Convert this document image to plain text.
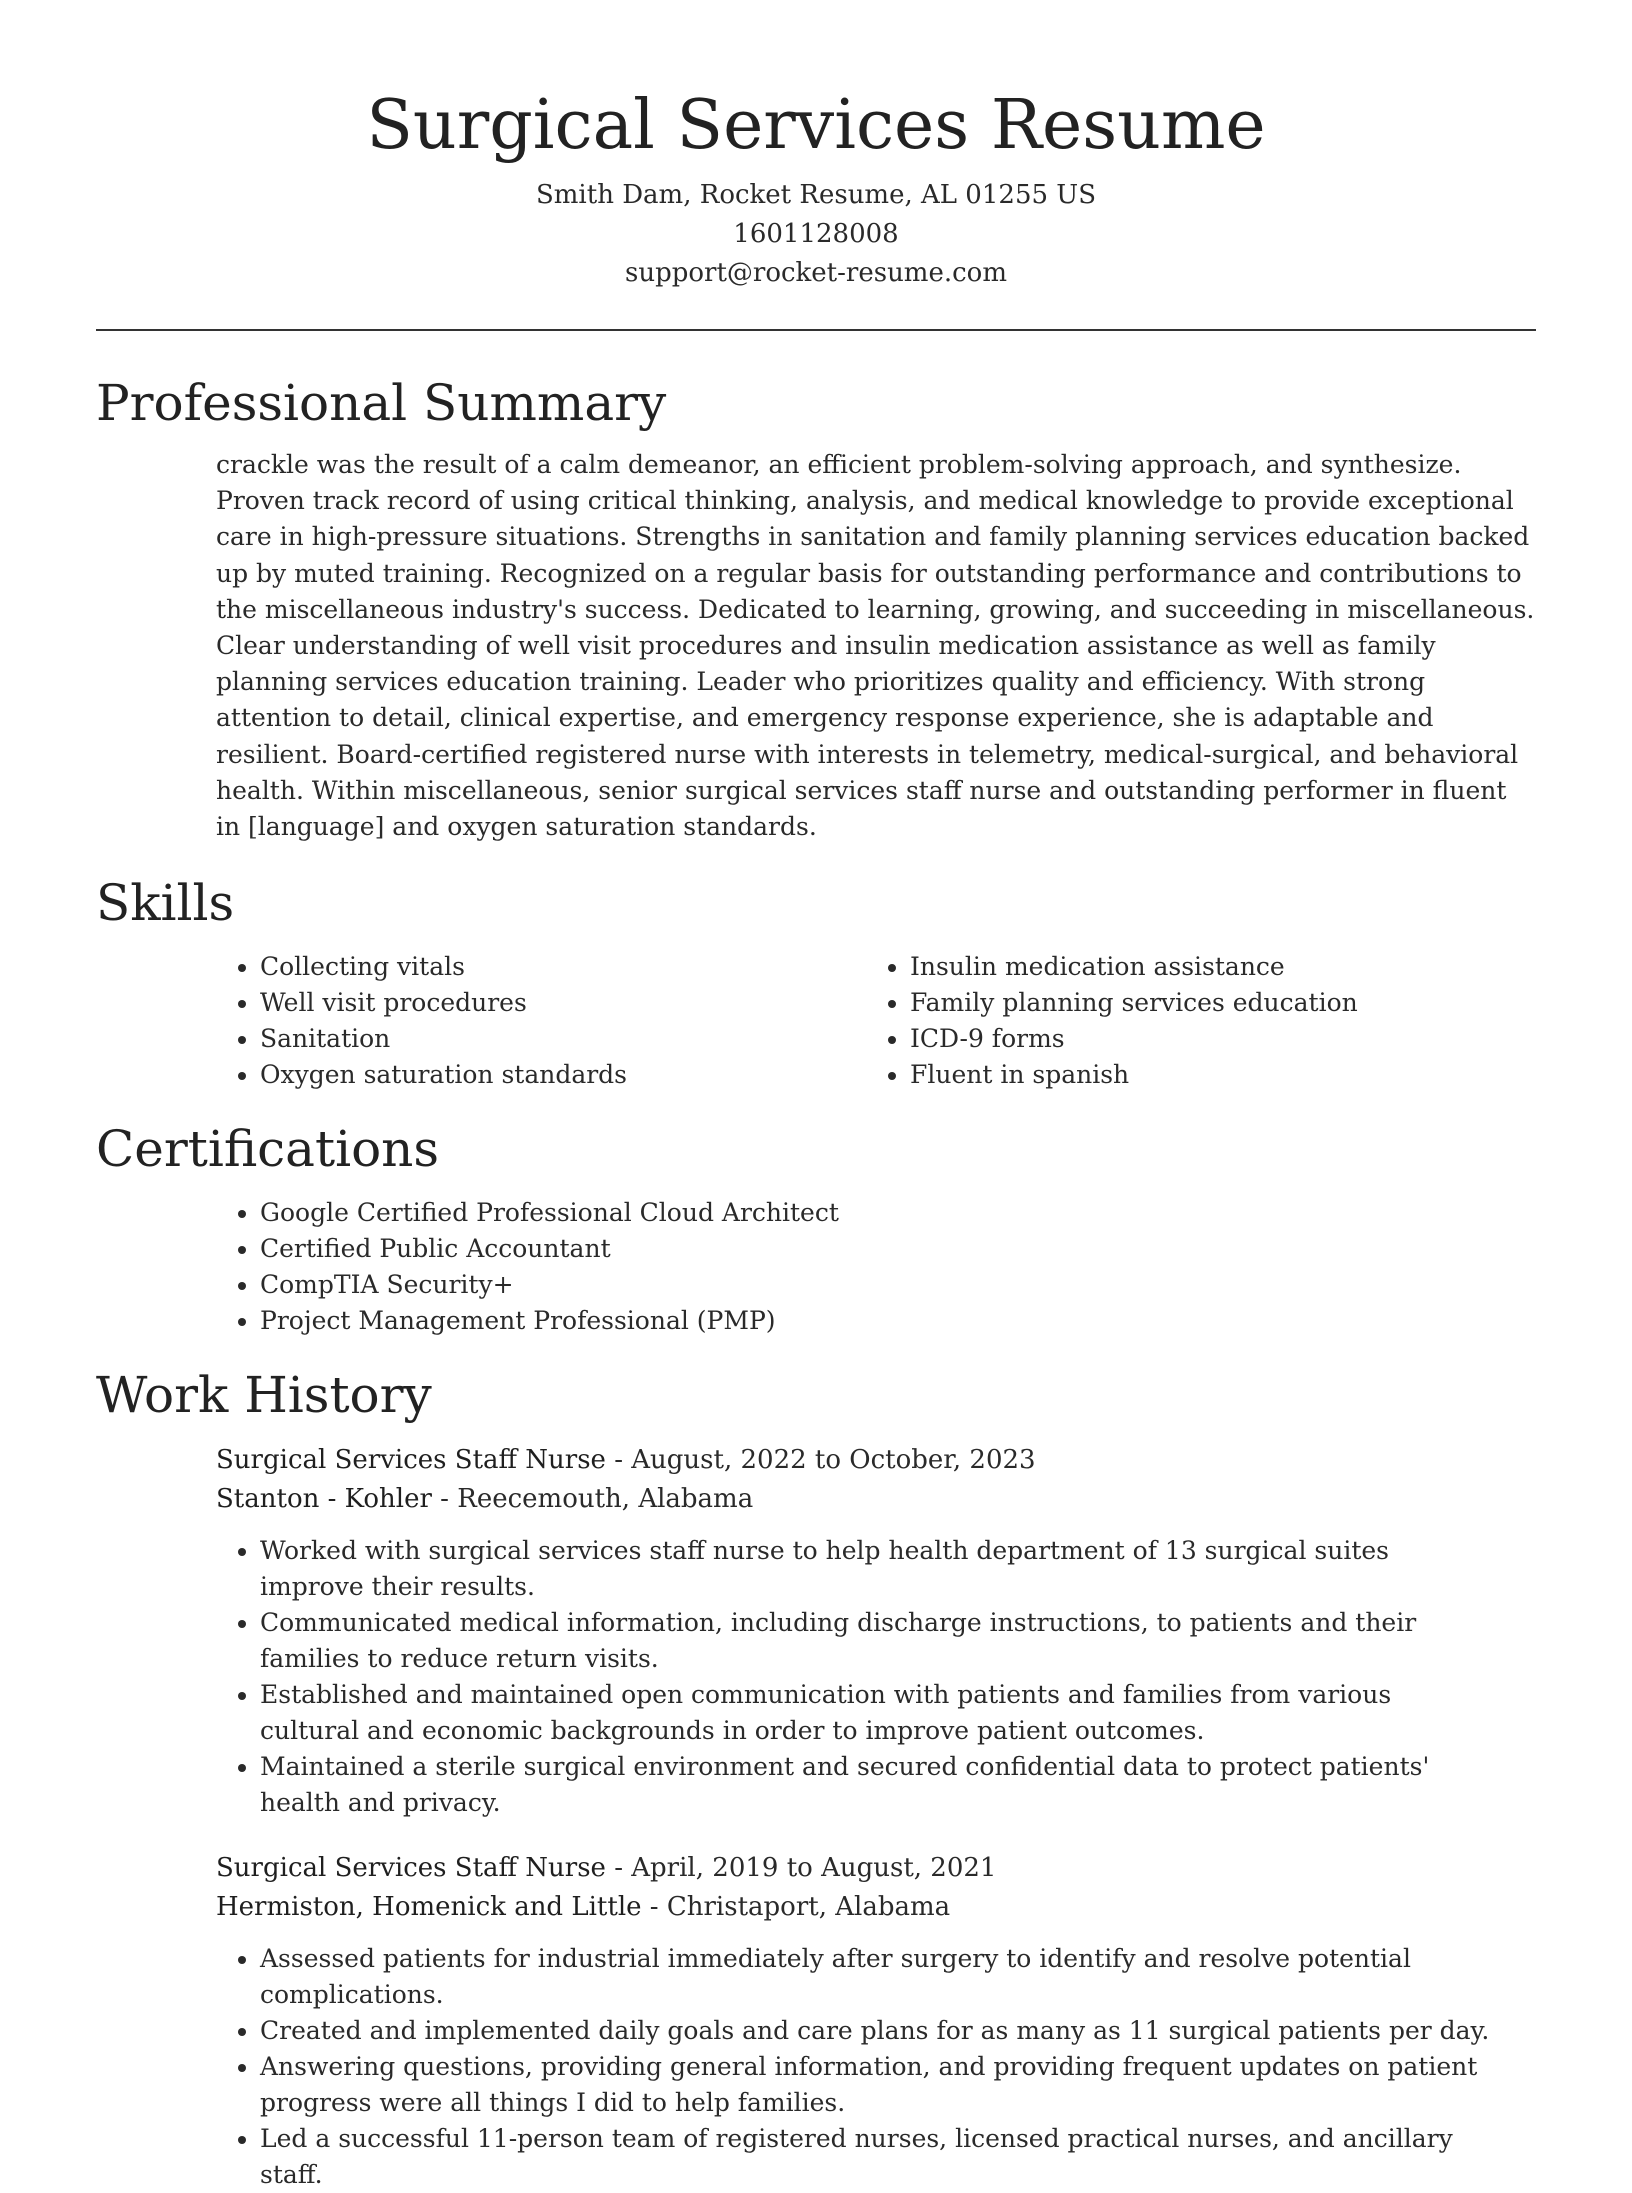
Surgical Services Resume
Smith Dam, Rocket Resume, AL 01255 US
1601128008
support@rocket-resume.com
Professional Summary

crackle was the result of a calm demeanor, an efficient problem-solving approach, and synthesize. Proven track record of using critical thinking, analysis, and medical knowledge to provide exceptional care in high-pressure situations. Strengths in sanitation and family planning services education backed up by muted training. Recognized on a regular basis for outstanding performance and contributions to the miscellaneous industry's success. Dedicated to learning, growing, and succeeding in miscellaneous. Clear understanding of well visit procedures and insulin medication assistance as well as family planning services education training. Leader who prioritizes quality and efficiency. With strong attention to detail, clinical expertise, and emergency response experience, she is adaptable and resilient. Board-certified registered nurse with interests in telemetry, medical-surgical, and behavioral health. Within miscellaneous, senior surgical services staff nurse and outstanding performer in fluent in [language] and oxygen saturation standards.

Skills
• Collecting vitals
• Well visit procedures
• Sanitation
• Oxygen saturation standards
• Insulin medication assistance
• Family planning services education
• ICD-9 forms
• Fluent in spanish
Certifications
• Google Certified Professional Cloud Architect
• Certified Public Accountant
• CompTIA Security+
• Project Management Professional (PMP)
Work History
Surgical Services Staff Nurse - August, 2022 to October, 2023
Stanton - Kohler - Reecemouth, Alabama
• Worked with surgical services staff nurse to help health department of 13 surgical suites improve their results.
• Communicated medical information, including discharge instructions, to patients and their families to reduce return visits.
• Established and maintained open communication with patients and families from various cultural and economic backgrounds in order to improve patient outcomes.
• Maintained a sterile surgical environment and secured confidential data to protect patients' health and privacy.
Surgical Services Staff Nurse - April, 2019 to August, 2021
Hermiston, Homenick and Little - Christaport, Alabama
• Assessed patients for industrial immediately after surgery to identify and resolve potential complications.
• Created and implemented daily goals and care plans for as many as 11 surgical patients per day.
• Answering questions, providing general information, and providing frequent updates on patient progress were all things I did to help families.
• Led a successful 11-person team of registered nurses, licensed practical nurses, and ancillary staff.
